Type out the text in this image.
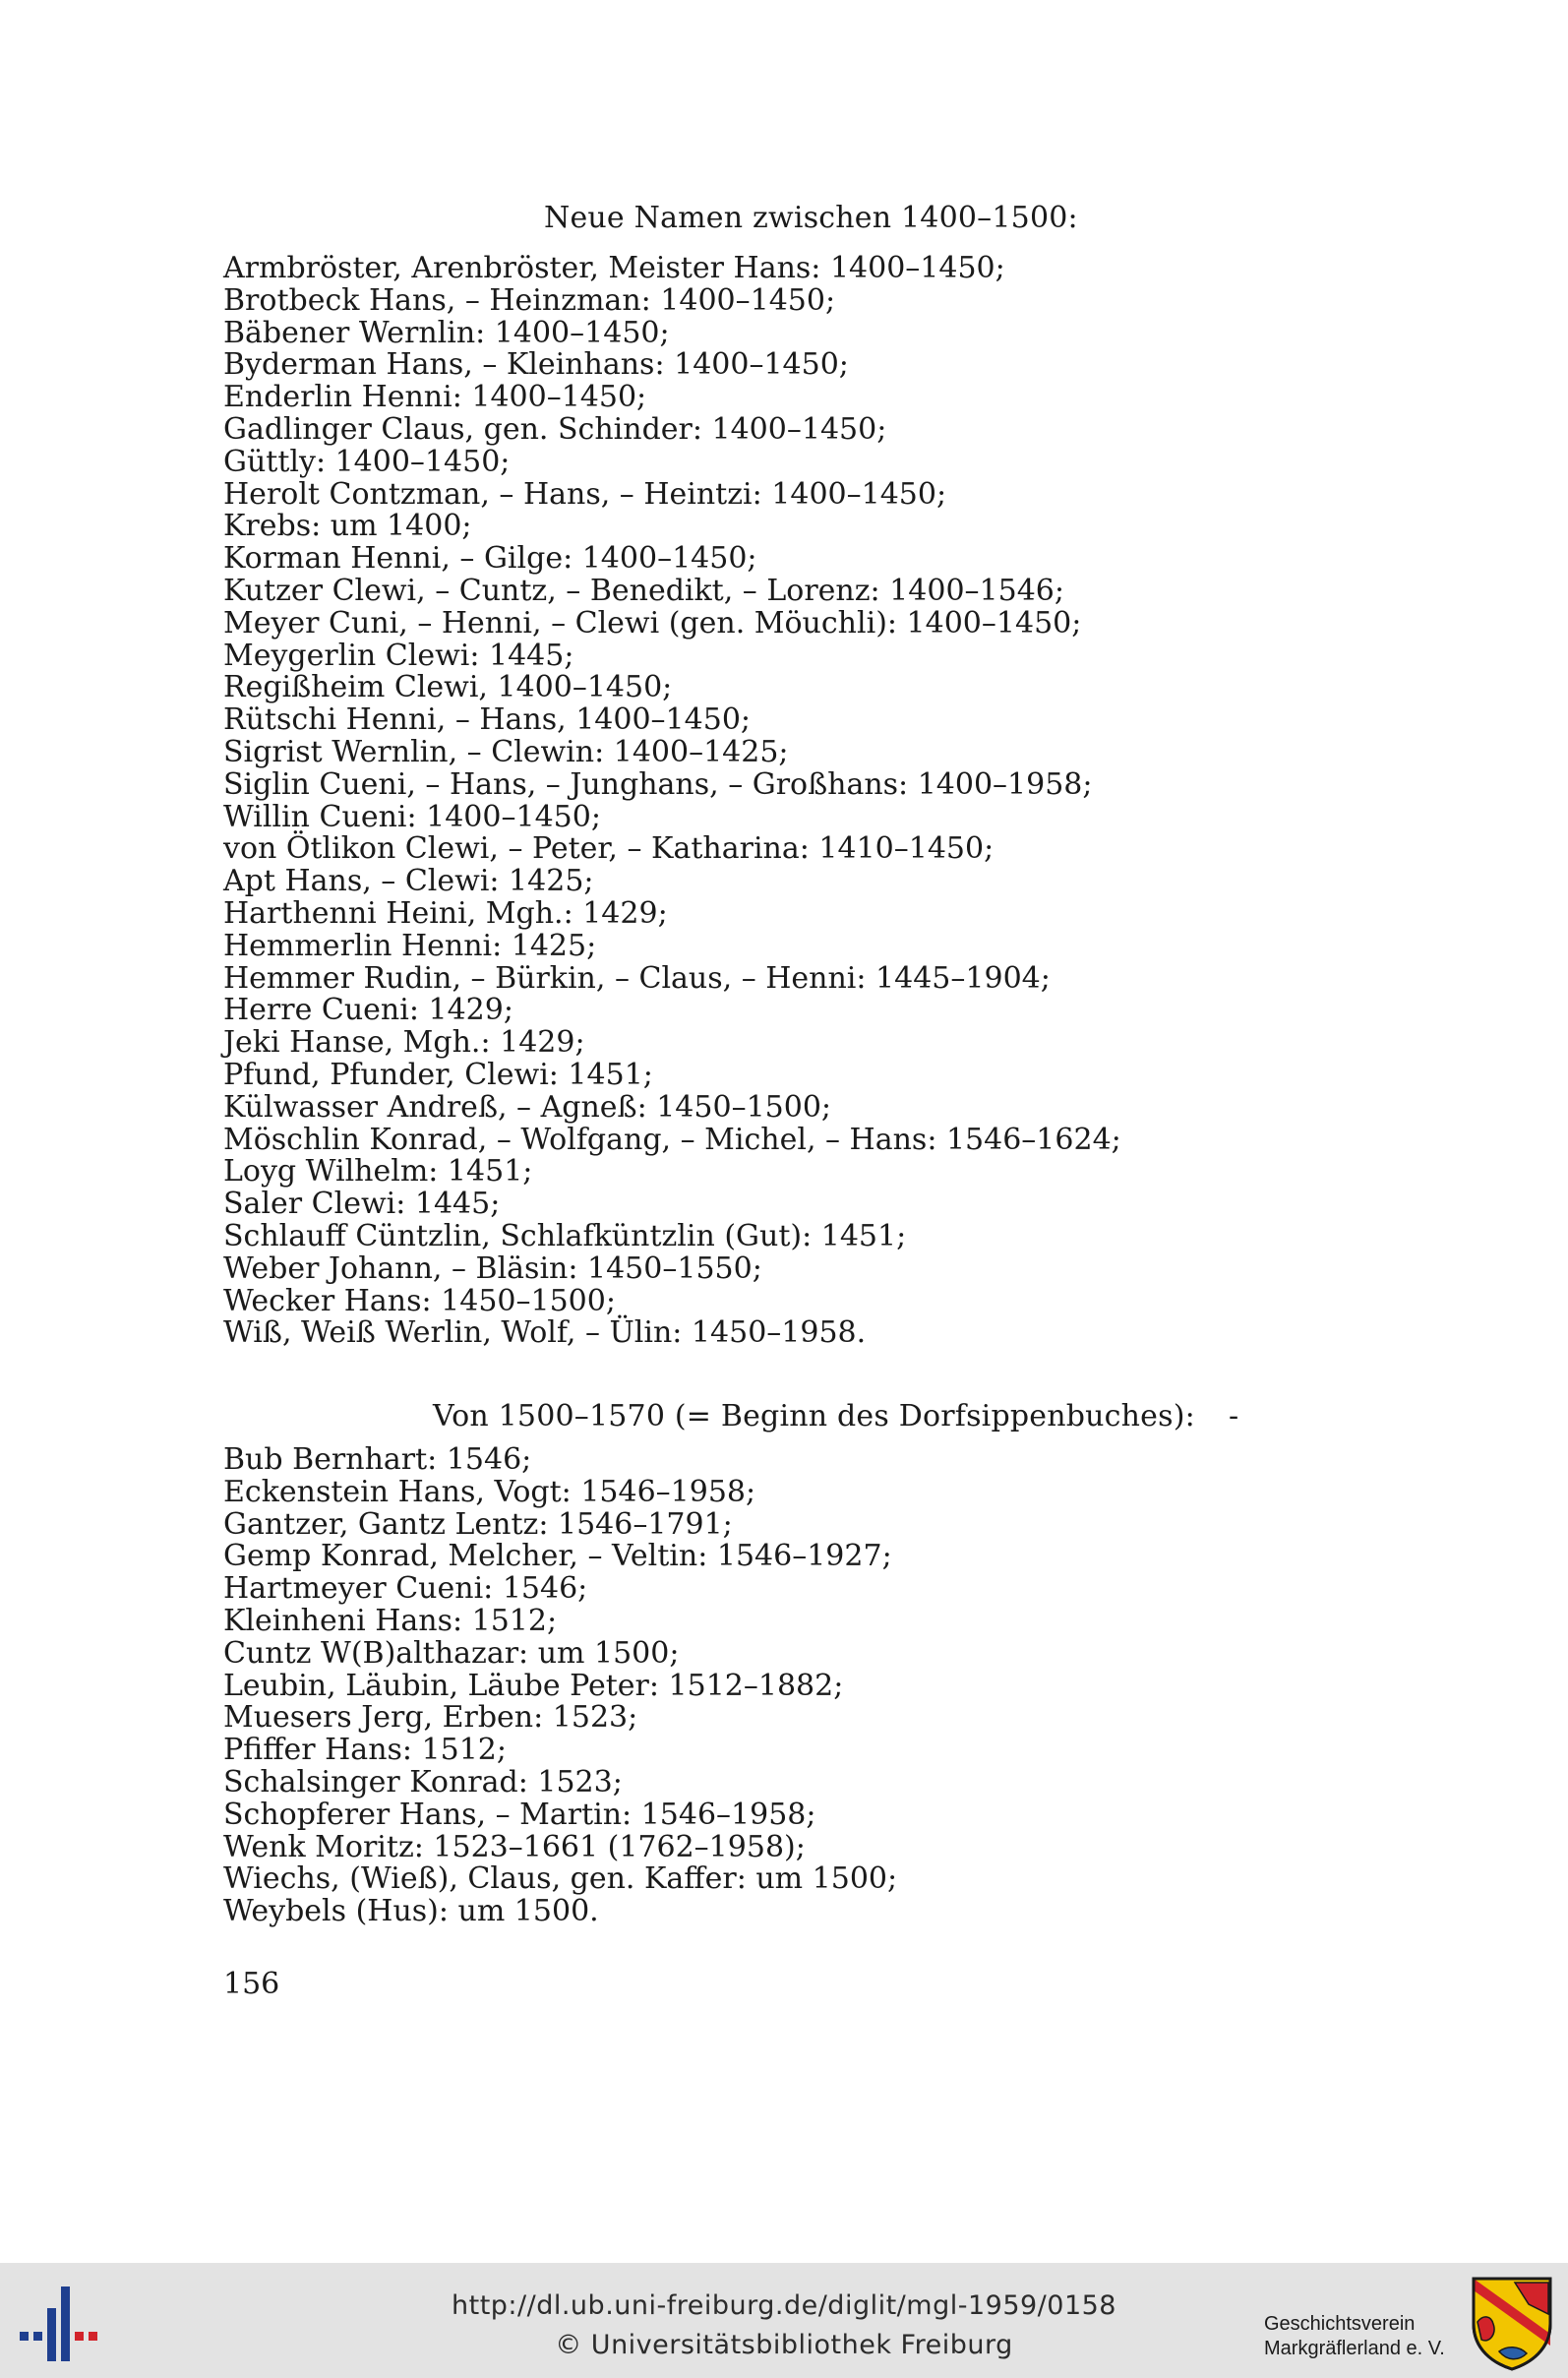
Neue Namen zwischen 1400–1500:
Armbröster, Arenbröster, Meister Hans: 1400–1450;
Brotbeck Hans, – Heinzman: 1400–1450;
Bäbener Wernlin: 1400–1450;
Byderman Hans, – Kleinhans: 1400–1450;
Enderlin Henni: 1400–1450;
Gadlinger Claus, gen. Schinder: 1400–1450;
Güttly: 1400–1450;
Herolt Contzman, – Hans, – Heintzi: 1400–1450;
Krebs: um 1400;
Korman Henni, – Gilge: 1400–1450;
Kutzer Clewi, – Cuntz, – Benedikt, – Lorenz: 1400–1546;
Meyer Cuni, – Henni, – Clewi (gen. Möuchli): 1400–1450;
Meygerlin Clewi: 1445;
Regißheim Clewi, 1400–1450;
Rütschi Henni, – Hans, 1400–1450;
Sigrist Wernlin, – Clewin: 1400–1425;
Siglin Cueni, – Hans, – Junghans, – Großhans: 1400–1958;
Willin Cueni: 1400–1450;
von Ötlikon Clewi, – Peter, – Katharina: 1410–1450;
Apt Hans, – Clewi: 1425;
Harthenni Heini, Mgh.: 1429;
Hemmerlin Henni: 1425;
Hemmer Rudin, – Bürkin, – Claus, – Henni: 1445–1904;
Herre Cueni: 1429;
Jeki Hanse, Mgh.: 1429;
Pfund, Pfunder, Clewi: 1451;
Külwasser Andreß, – Agneß: 1450–1500;
Möschlin Konrad, – Wolfgang, – Michel, – Hans: 1546–1624;
Loyg Wilhelm: 1451;
Saler Clewi: 1445;
Schlauff Cüntzlin, Schlafküntzlin (Gut): 1451;
Weber Johann, – Bläsin: 1450–1550;
Wecker Hans: 1450–1500;
Wiß, Weiß Werlin, Wolf, – Ülin: 1450–1958.
Von 1500–1570 (= Beginn des Dorfsippenbuches): -
Bub Bernhart: 1546;
Eckenstein Hans, Vogt: 1546–1958;
Gantzer, Gantz Lentz: 1546–1791;
Gemp Konrad, Melcher, – Veltin: 1546–1927;
Hartmeyer Cueni: 1546;
Kleinheni Hans: 1512;
Cuntz W(B)althazar: um 1500;
Leubin, Läubin, Läube Peter: 1512–1882;
Muesers Jerg, Erben: 1523;
Pfiffer Hans: 1512;
Schalsinger Konrad: 1523;
Schopferer Hans, – Martin: 1546–1958;
Wenk Moritz: 1523–1661 (1762–1958);
Wiechs, (Wieß), Claus, gen. Kaffer: um 1500;
Weybels (Hus): um 1500.
156
http://dl.ub.uni-freiburg.de/diglit/mgl-1959/0158
© Universitätsbibliothek Freiburg
Geschichtsverein
Markgräflerland e. V.
